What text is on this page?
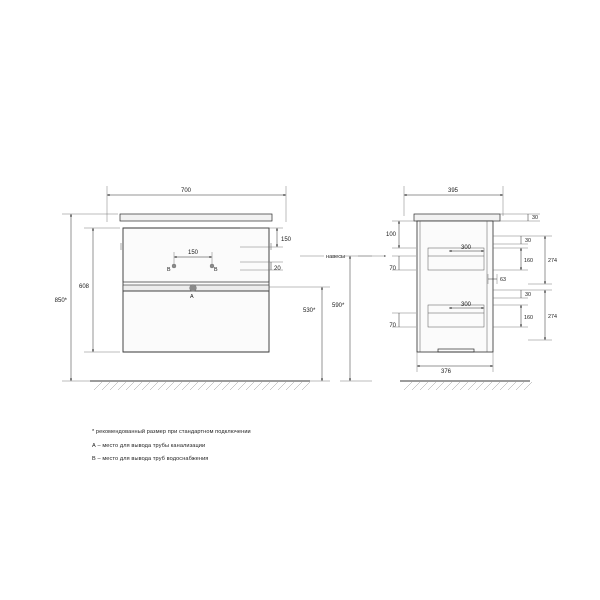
B	B
A
700
150
20
150
608
850*
530*
навесы
395
376
100
70
70
300
300
63
30
30
160	274
30
160	274
590*
* рекомендованный размер при стандартном подключении
А – место для вывода трубы канализации
В – место для вывода труб водоснабжения
